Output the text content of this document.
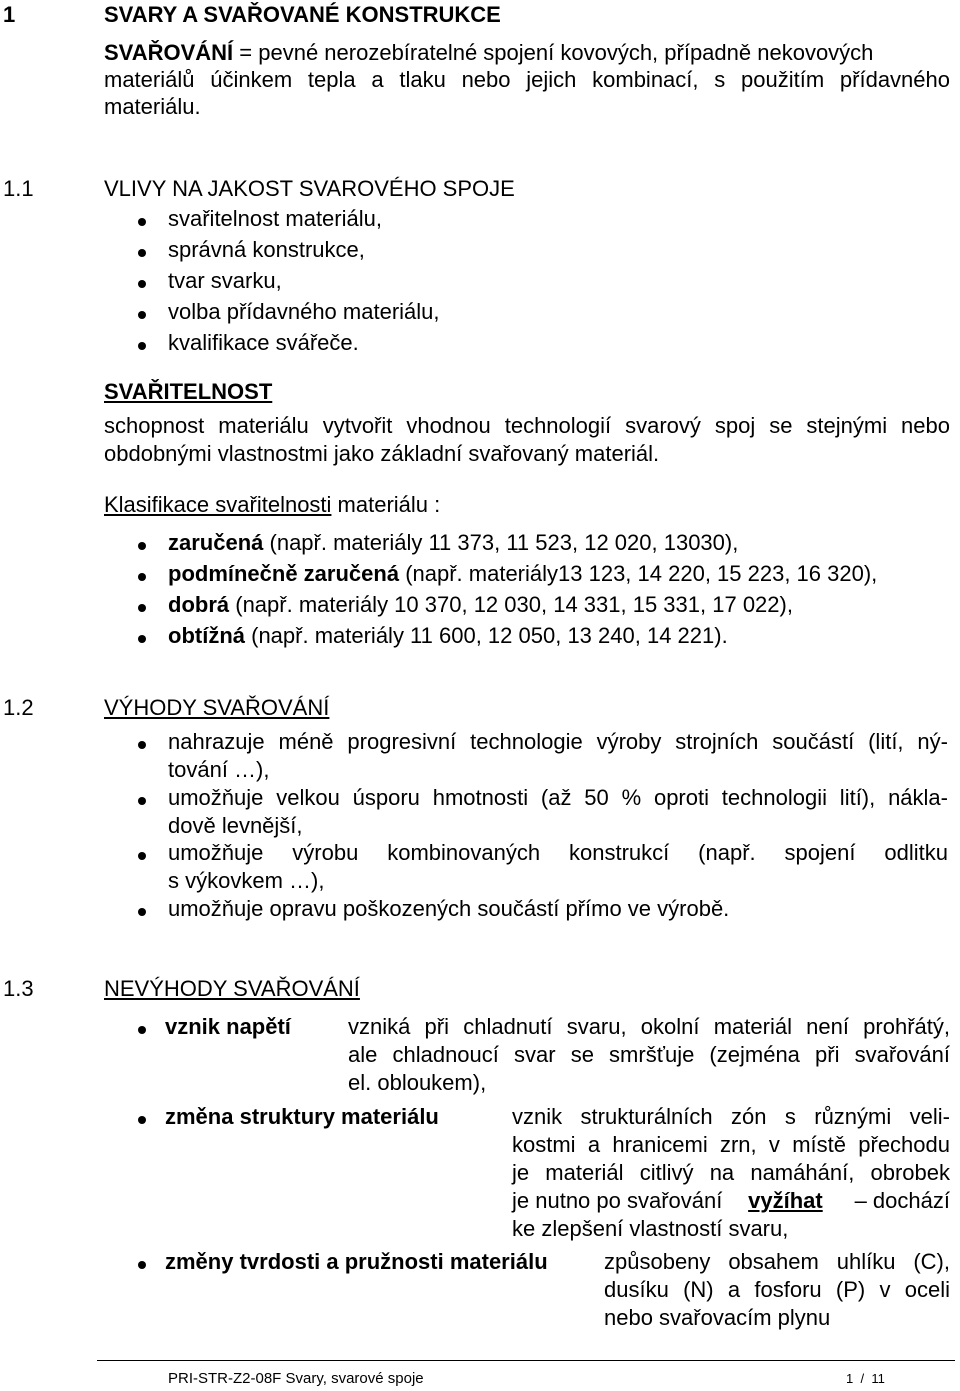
1	SVARY A SVAŘOVANÉ KONSTRUKCE
SVAŘOVÁNÍ = pevné nerozebíratelné spojení kovových, případně nekovových
materiálů účinkem tepla a tlaku nebo jejich kombinací, s použitím přídavného
materiálu.
1.1	VLIVY NA JAKOST SVAROVÉHO SPOJE
svařitelnost materiálu,
správná konstrukce,
tvar svarku,
volba přídavného materiálu,
kvalifikace svářeče.
SVAŘITELNOST
schopnost materiálu vytvořit vhodnou technologií svarový spoj se stejnými nebo
obdobnými vlastnostmi jako základní svařovaný materiál.
Klasifikace svařitelnosti materiálu :
zaručená (např. materiály 11 373, 11 523, 12 020, 13030),
podmínečně zaručená (např. materiály13 123, 14 220, 15 223, 16 320),
dobrá (např. materiály 10 370, 12 030, 14 331, 15 331, 17 022),
obtížná (např. materiály 11 600, 12 050, 13 240, 14 221).
1.2	VÝHODY SVAŘOVÁNÍ
nahrazuje méně progresivní technologie výroby strojních součástí (lití, ný-
tování …),
umožňuje velkou úsporu hmotnosti (až 50 % oproti technologii lití), nákla-
dově levnější,
umožňuje výrobu kombinovaných konstrukcí (např. spojení odlitku
s výkovkem …),
umožňuje opravu poškozených součástí přímo ve výrobě.
1.3	NEVÝHODY SVAŘOVÁNÍ
vznik napětí	vzniká při chladnutí svaru, okolní materiál není prohřátý,
ale chladnoucí svar se smršťuje (zejména při svařování
el. obloukem),
změna struktury materiálu	vznik strukturálních zón s různými veli-
kostmi a hranicemi zrn, v místě přechodu
je materiál citlivý na namáhání, obrobek
je nutno po svařování vyžíhat – dochází
ke zlepšení vlastností svaru,
změny tvrdosti a pružnosti materiálu	způsobeny obsahem uhlíku (C),
dusíku (N) a fosforu (P) v oceli
nebo svařovacím plynu
PRI-STR-Z2-08F Svary, svarové spoje	1 / 11
